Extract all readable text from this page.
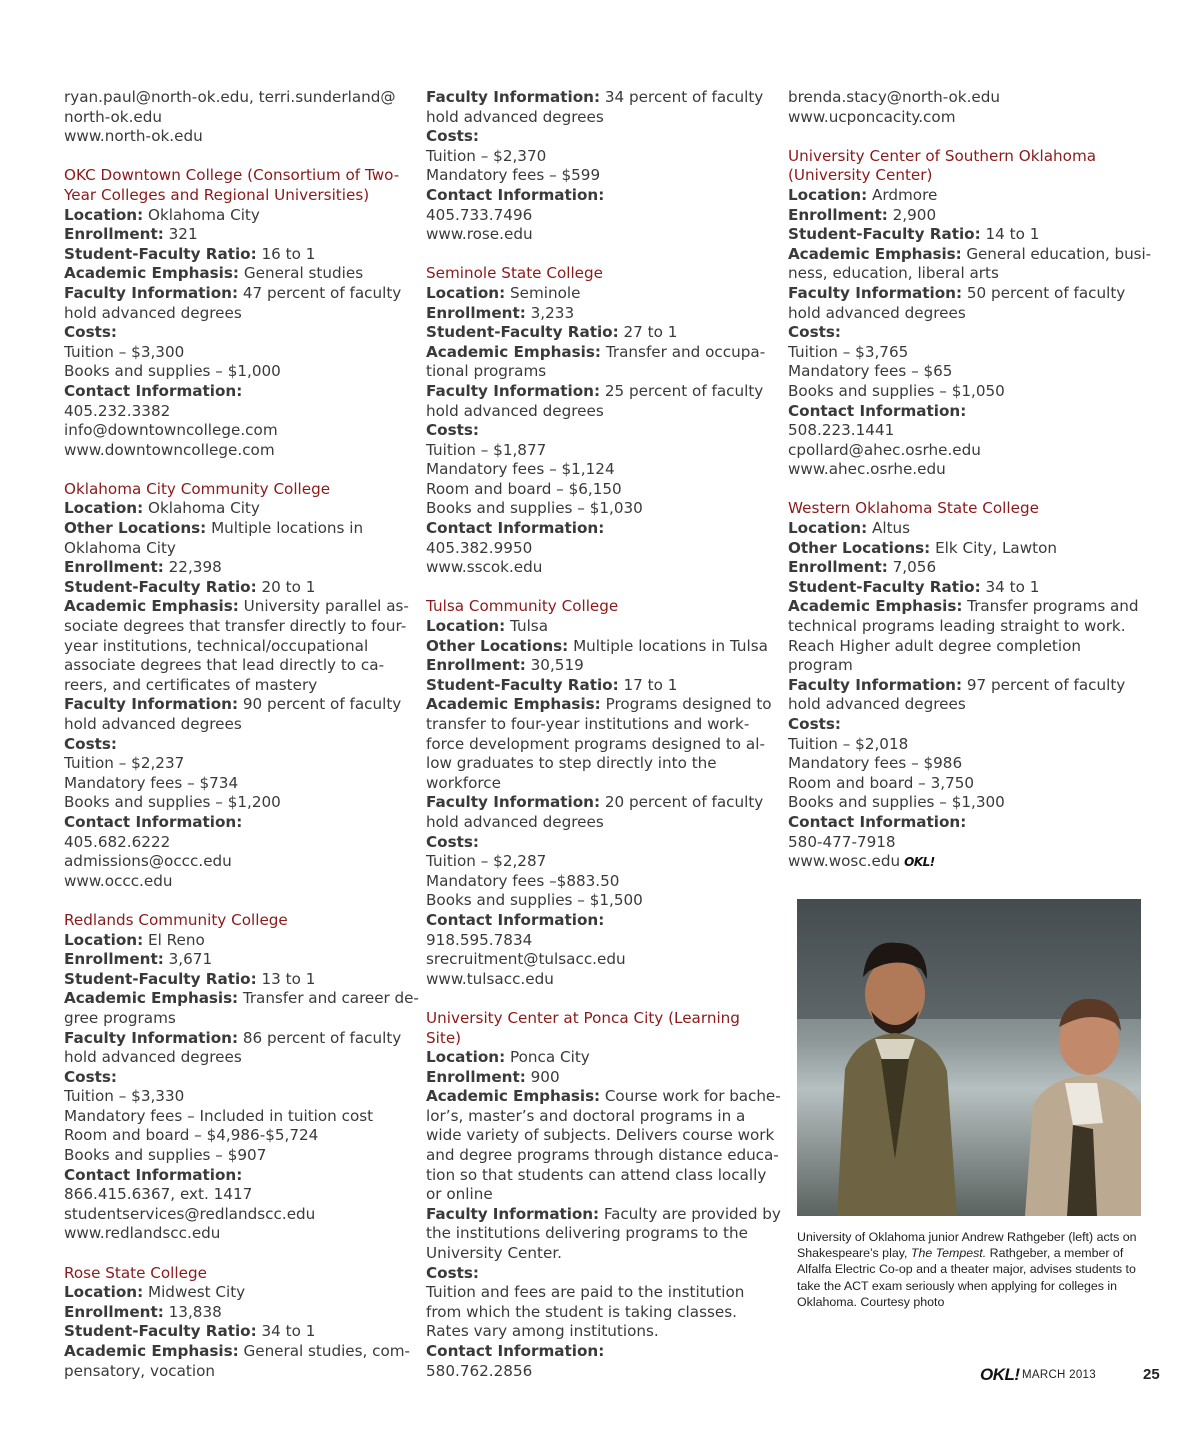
ryan.paul@north-ok.edu, terri.sunderland@
north-ok.edu
www.north-ok.edu
OKC Downtown College (Consortium of Two-
Year Colleges and Regional Universities)
Location: Oklahoma City
Enrollment: 321
Student-Faculty Ratio: 16 to 1
Academic Emphasis: General studies
Faculty Information: 47 percent of faculty
hold advanced degrees
Costs:
Tuition – $3,300
Books and supplies – $1,000
Contact Information:
405.232.3382
info@downtowncollege.com
www.downtowncollege.com
Oklahoma City Community College
Location: Oklahoma City
Other Locations: Multiple locations in
Oklahoma City
Enrollment: 22,398
Student-Faculty Ratio: 20 to 1
Academic Emphasis: University parallel as-
sociate degrees that transfer directly to four-
year institutions, technical/occupational
associate degrees that lead directly to ca-
reers, and certificates of mastery
Faculty Information: 90 percent of faculty
hold advanced degrees
Costs:
Tuition – $2,237
Mandatory fees – $734
Books and supplies – $1,200
Contact Information:
405.682.6222
admissions@occc.edu
www.occc.edu
Redlands Community College
Location: El Reno
Enrollment: 3,671
Student-Faculty Ratio: 13 to 1
Academic Emphasis: Transfer and career de-
gree programs
Faculty Information: 86 percent of faculty
hold advanced degrees
Costs:
Tuition – $3,330
Mandatory fees – Included in tuition cost
Room and board – $4,986-$5,724
Books and supplies – $907
Contact Information:
866.415.6367, ext. 1417
studentservices@redlandscc.edu
www.redlandscc.edu
Rose State College
Location: Midwest City
Enrollment: 13,838
Student-Faculty Ratio: 34 to 1
Academic Emphasis: General studies, com-
pensatory, vocation
Faculty Information: 34 percent of faculty
hold advanced degrees
Costs:
Tuition – $2,370
Mandatory fees – $599
Contact Information:
405.733.7496
www.rose.edu
Seminole State College
Location: Seminole
Enrollment: 3,233
Student-Faculty Ratio: 27 to 1
Academic Emphasis: Transfer and occupa-
tional programs
Faculty Information: 25 percent of faculty
hold advanced degrees
Costs:
Tuition – $1,877
Mandatory fees – $1,124
Room and board – $6,150
Books and supplies – $1,030
Contact Information:
405.382.9950
www.sscok.edu
Tulsa Community College
Location: Tulsa
Other Locations: Multiple locations in Tulsa
Enrollment: 30,519
Student-Faculty Ratio: 17 to 1
Academic Emphasis: Programs designed to
transfer to four-year institutions and work-
force development programs designed to al-
low graduates to step directly into the
workforce
Faculty Information: 20 percent of faculty
hold advanced degrees
Costs:
Tuition – $2,287
Mandatory fees –$883.50
Books and supplies – $1,500
Contact Information:
918.595.7834
srecruitment@tulsacc.edu
www.tulsacc.edu
University Center at Ponca City (Learning
Site)
Location: Ponca City
Enrollment: 900
Academic Emphasis: Course work for bache-
lor’s, master’s and doctoral programs in a
wide variety of subjects. Delivers course work
and degree programs through distance educa-
tion so that students can attend class locally
or online
Faculty Information: Faculty are provided by
the institutions delivering programs to the
University Center.
Costs:
Tuition and fees are paid to the institution
from which the student is taking classes.
Rates vary among institutions.
Contact Information:
580.762.2856
brenda.stacy@north-ok.edu
www.ucponcacity.com
University Center of Southern Oklahoma
(University Center)
Location: Ardmore
Enrollment: 2,900
Student-Faculty Ratio: 14 to 1
Academic Emphasis: General education, busi-
ness, education, liberal arts
Faculty Information: 50 percent of faculty
hold advanced degrees
Costs:
Tuition – $3,765
Mandatory fees – $65
Books and supplies – $1,050
Contact Information:
508.223.1441
cpollard@ahec.osrhe.edu
www.ahec.osrhe.edu
Western Oklahoma State College
Location: Altus
Other Locations: Elk City, Lawton
Enrollment: 7,056
Student-Faculty Ratio: 34 to 1
Academic Emphasis: Transfer programs and
technical programs leading straight to work.
Reach Higher adult degree completion
program
Faculty Information: 97 percent of faculty
hold advanced degrees
Costs:
Tuition – $2,018
Mandatory fees – $986
Room and board – 3,750
Books and supplies – $1,300
Contact Information:
580-477-7918
www.wosc.edu OKL!
University of Oklahoma junior Andrew Rathgeber (left) acts on Shakespeare’s play, The Tempest. Rathgeber, a member of Alfalfa Electric Co-op and a theater major, advises students to take the ACT exam seriously when applying for colleges in Oklahoma. Courtesy photo
OKL! MARCH 2013	25
